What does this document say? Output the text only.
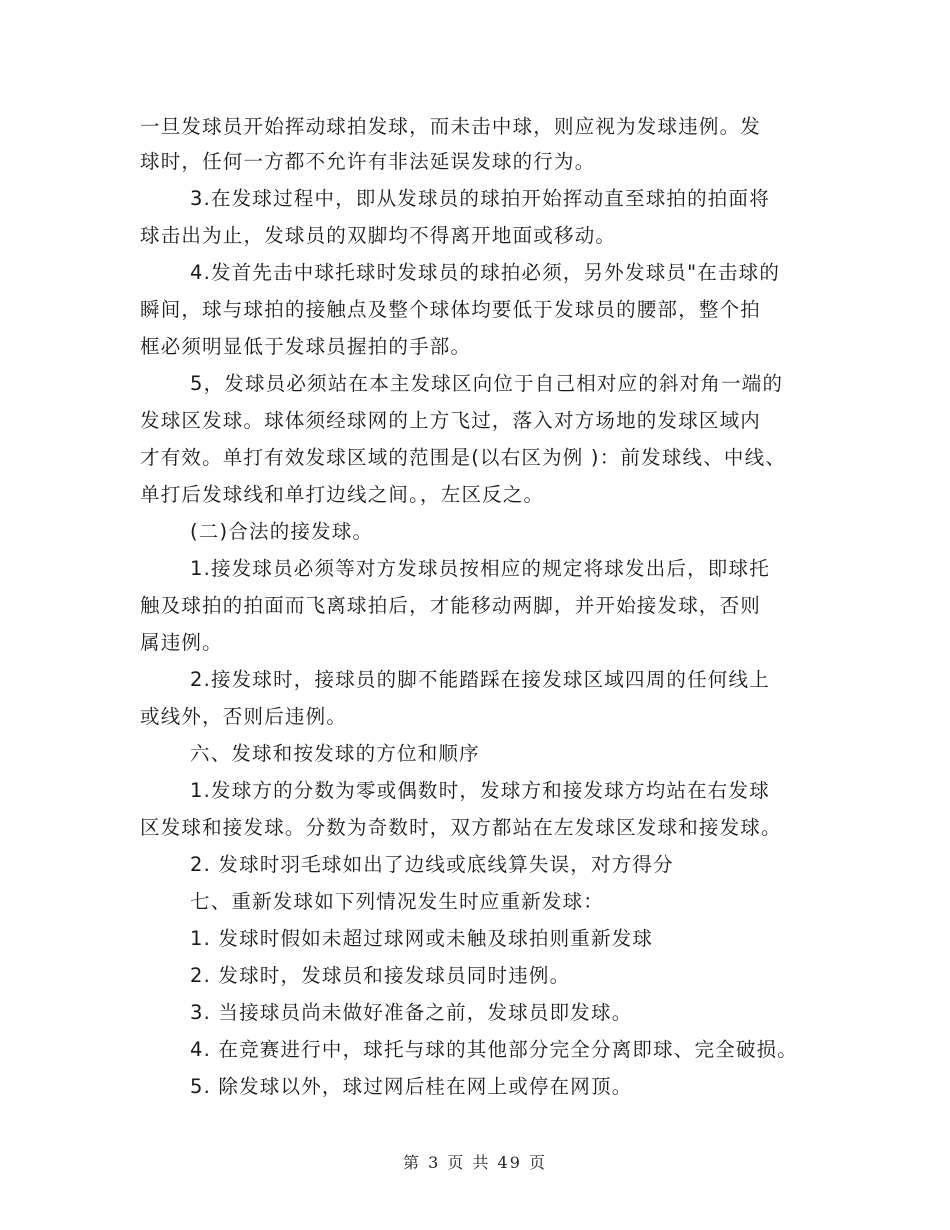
一旦发球员开始挥动球拍发球，而未击中球，则应视为发球违例。发
球时，任何一方都不允许有非法延误发球的行为。
3.在发球过程中，即从发球员的球拍开始挥动直至球拍的拍面将
球击出为止，发球员的双脚均不得离开地面或移动。
4.发首先击中球托球时发球员的球拍必须，另外发球员"在击球的
瞬间，球与球拍的接触点及整个球体均要低于发球员的腰部，整个拍
框必须明显低于发球员握拍的手部。
5，发球员必须站在本主发球区向位于自己相对应的斜对角一端的
发球区发球。球体须经球网的上方飞过，落入对方场地的发球区域内
才有效。单打有效发球区域的范围是(以右区为例 )：前发球线、中线、
单打后发球线和单打边线之间。，左区反之。
(二)合法的接发球。
1.接发球员必须等对方发球员按相应的规定将球发出后，即球托
触及球拍的拍面而飞离球拍后，才能移动两脚，并开始接发球，否则
属违例。
2.接发球时，接球员的脚不能踏踩在接发球区域四周的任何线上
或线外，否则后违例。
六、发球和按发球的方位和顺序
1.发球方的分数为零或偶数时，发球方和接发球方均站在右发球
区发球和接发球。分数为奇数时，双方都站在左发球区发球和接发球。
2. 发球时羽毛球如出了边线或底线算失误，对方得分
七、重新发球如下列情况发生时应重新发球：
1. 发球时假如未超过球网或未触及球拍则重新发球
2. 发球时，发球员和接发球员同时违例。
3. 当接球员尚未做好准备之前，发球员即发球。
4. 在竞赛进行中，球托与球的其他部分完全分离即球、完全破损。
5. 除发球以外，球过网后桂在网上或停在网顶。
第 3 页 共 49 页
